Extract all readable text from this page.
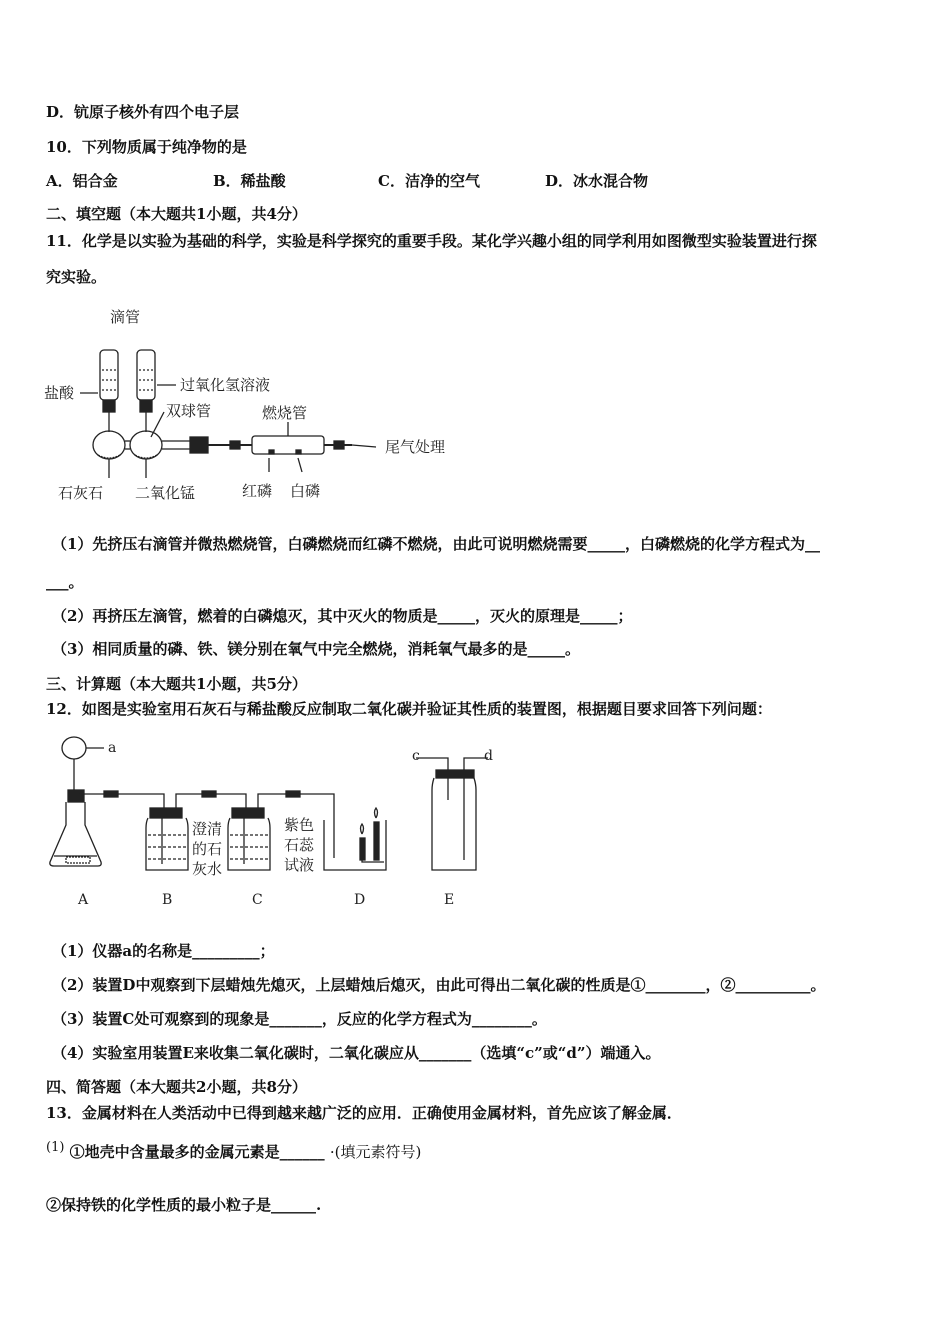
D．钪原子核外有四个电子层
10．下列物质属于纯净物的是
A．铝合金	B．稀盐酸	C．洁净的空气	D．冰水混合物
二、填空题（本大题共1小题，共4分）
11．化学是以实验为基础的科学，实验是科学探究的重要手段。某化学兴趣小组的同学利用如图微型实验装置进行探
究实验。
滴管
盐酸	过氧化氢溶液
双球管	燃烧管
尾气处理
石灰石 二氧化锰	红磷 白磷
（1）先挤压右滴管并微热燃烧管，白磷燃烧而红磷不燃烧，由此可说明燃烧需要_____，白磷燃烧的化学方程式为__
___。
（2）再挤压左滴管，燃着的白磷熄灭，其中灭火的物质是_____，灭火的原理是_____；
（3）相同质量的磷、铁、镁分别在氧气中完全燃烧，消耗氧气最多的是_____。
三、计算题（本大题共1小题，共5分）
12．如图是实验室用石灰石与稀盐酸反应制取二氧化碳并验证其性质的装置图，根据题目要求回答下列问题：
a	c	d
澄清
的石
灰水
紫色
石蕊
试液
A	B	C	D	E
（1）仪器a的名称是_________；
（2）装置D中观察到下层蜡烛先熄灭，上层蜡烛后熄灭，由此可得出二氧化碳的性质是①________，②__________。
（3）装置C处可观察到的现象是_______，反应的化学方程式为________。
（4）实验室用装置E来收集二氧化碳时，二氧化碳应从_______（选填“c”或“d”）端通入。
四、简答题（本大题共2小题，共8分）
13．金属材料在人类活动中已得到越来越广泛的应用．正确使用金属材料，首先应该了解金属．
(1) ①地壳中含量最多的金属元素是______ ·(填元素符号)
②保持铁的化学性质的最小粒子是______.
